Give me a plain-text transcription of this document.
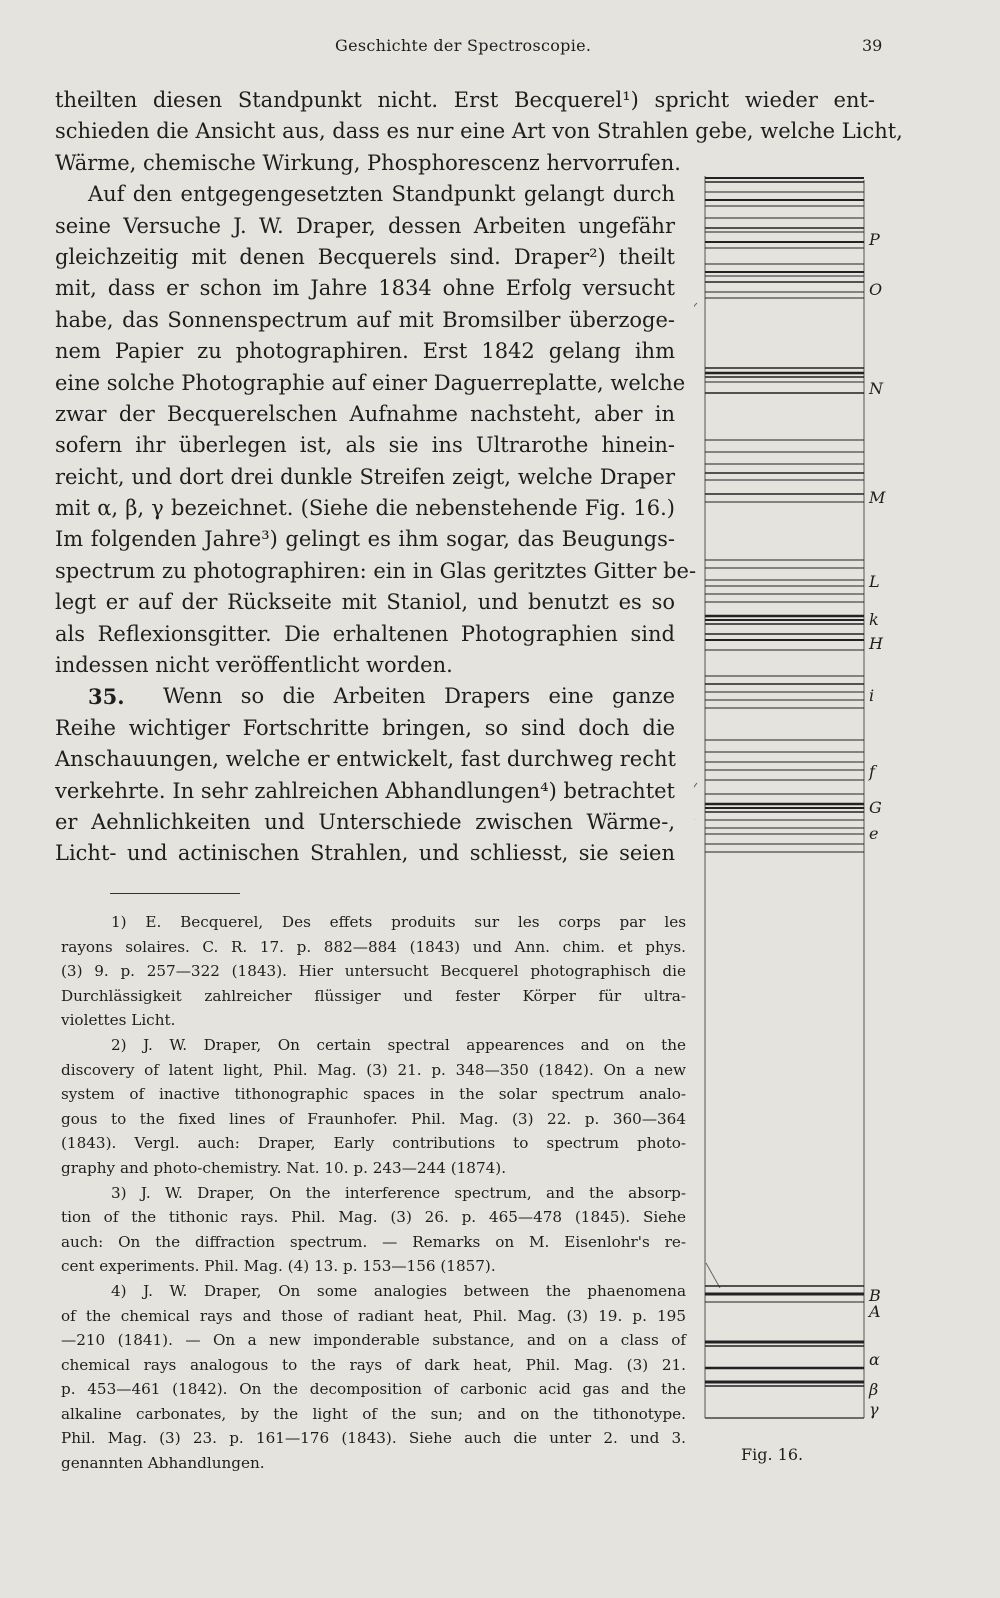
Geschichte der Spectroscopie.	39
theilten diesen Standpunkt nicht. Erst Becquerel¹) spricht wieder ent-
schieden die Ansicht aus, dass es nur eine Art von Strahlen gebe, welche Licht,
Wärme, chemische Wirkung, Phosphorescenz hervorrufen.
Auf den entgegengesetzten Standpunkt gelangt durch
seine Versuche J. W. Draper, dessen Arbeiten ungefähr
gleichzeitig mit denen Becquerels sind. Draper²) theilt
mit, dass er schon im Jahre 1834 ohne Erfolg versucht
habe, das Sonnenspectrum auf mit Bromsilber überzoge-
nem Papier zu photographiren. Erst 1842 gelang ihm
eine solche Photographie auf einer Daguerreplatte, welche
zwar der Becquerelschen Aufnahme nachsteht, aber in
sofern ihr überlegen ist, als sie ins Ultrarothe hinein-
reicht, und dort drei dunkle Streifen zeigt, welche Draper
mit α, β, γ bezeichnet. (Siehe die nebenstehende Fig. 16.)
Im folgenden Jahre³) gelingt es ihm sogar, das Beugungs-
spectrum zu photographiren: ein in Glas geritztes Gitter be-
legt er auf der Rückseite mit Staniol, und benutzt es so
als Reflexionsgitter. Die erhaltenen Photographien sind
indessen nicht veröffentlicht worden.
35. Wenn so die Arbeiten Drapers eine ganze
Reihe wichtiger Fortschritte bringen, so sind doch die
Anschauungen, welche er entwickelt, fast durchweg recht
verkehrte. In sehr zahlreichen Abhandlungen⁴) betrachtet
er Aehnlichkeiten und Unterschiede zwischen Wärme-,
Licht- und actinischen Strahlen, und schliesst, sie seien
1) E. Becquerel, Des effets produits sur les corps par les
rayons solaires. C. R. 17. p. 882—884 (1843) und Ann. chim. et phys.
(3) 9. p. 257—322 (1843). Hier untersucht Becquerel photographisch die
Durchlässigkeit zahlreicher flüssiger und fester Körper für ultra-
violettes Licht.
2) J. W. Draper, On certain spectral appearences and on the
discovery of latent light, Phil. Mag. (3) 21. p. 348—350 (1842). On a new
system of inactive tithonographic spaces in the solar spectrum analo-
gous to the fixed lines of Fraunhofer. Phil. Mag. (3) 22. p. 360—364
(1843). Vergl. auch: Draper, Early contributions to spectrum photo-
graphy and photo-chemistry. Nat. 10. p. 243—244 (1874).
3) J. W. Draper, On the interference spectrum, and the absorp-
tion of the tithonic rays. Phil. Mag. (3) 26. p. 465—478 (1845). Siehe
auch: On the diffraction spectrum. — Remarks on M. Eisenlohr's re-
cent experiments. Phil. Mag. (4) 13. p. 153—156 (1857).
4) J. W. Draper, On some analogies between the phaenomena
of the chemical rays and those of radiant heat, Phil. Mag. (3) 19. p. 195
—210 (1841). — On a new imponderable substance, and on a class of
chemical rays analogous to the rays of dark heat, Phil. Mag. (3) 21.
p. 453—461 (1842). On the decomposition of carbonic acid gas and the
alkaline carbonates, by the light of the sun; and on the tithonotype.
Phil. Mag. (3) 23. p. 161—176 (1843). Siehe auch die unter 2. und 3.
genannten Abhandlungen.
P
O
N
M
L
k
H
i
f
G
e
B
A
α
β
γ
Fig. 16.
